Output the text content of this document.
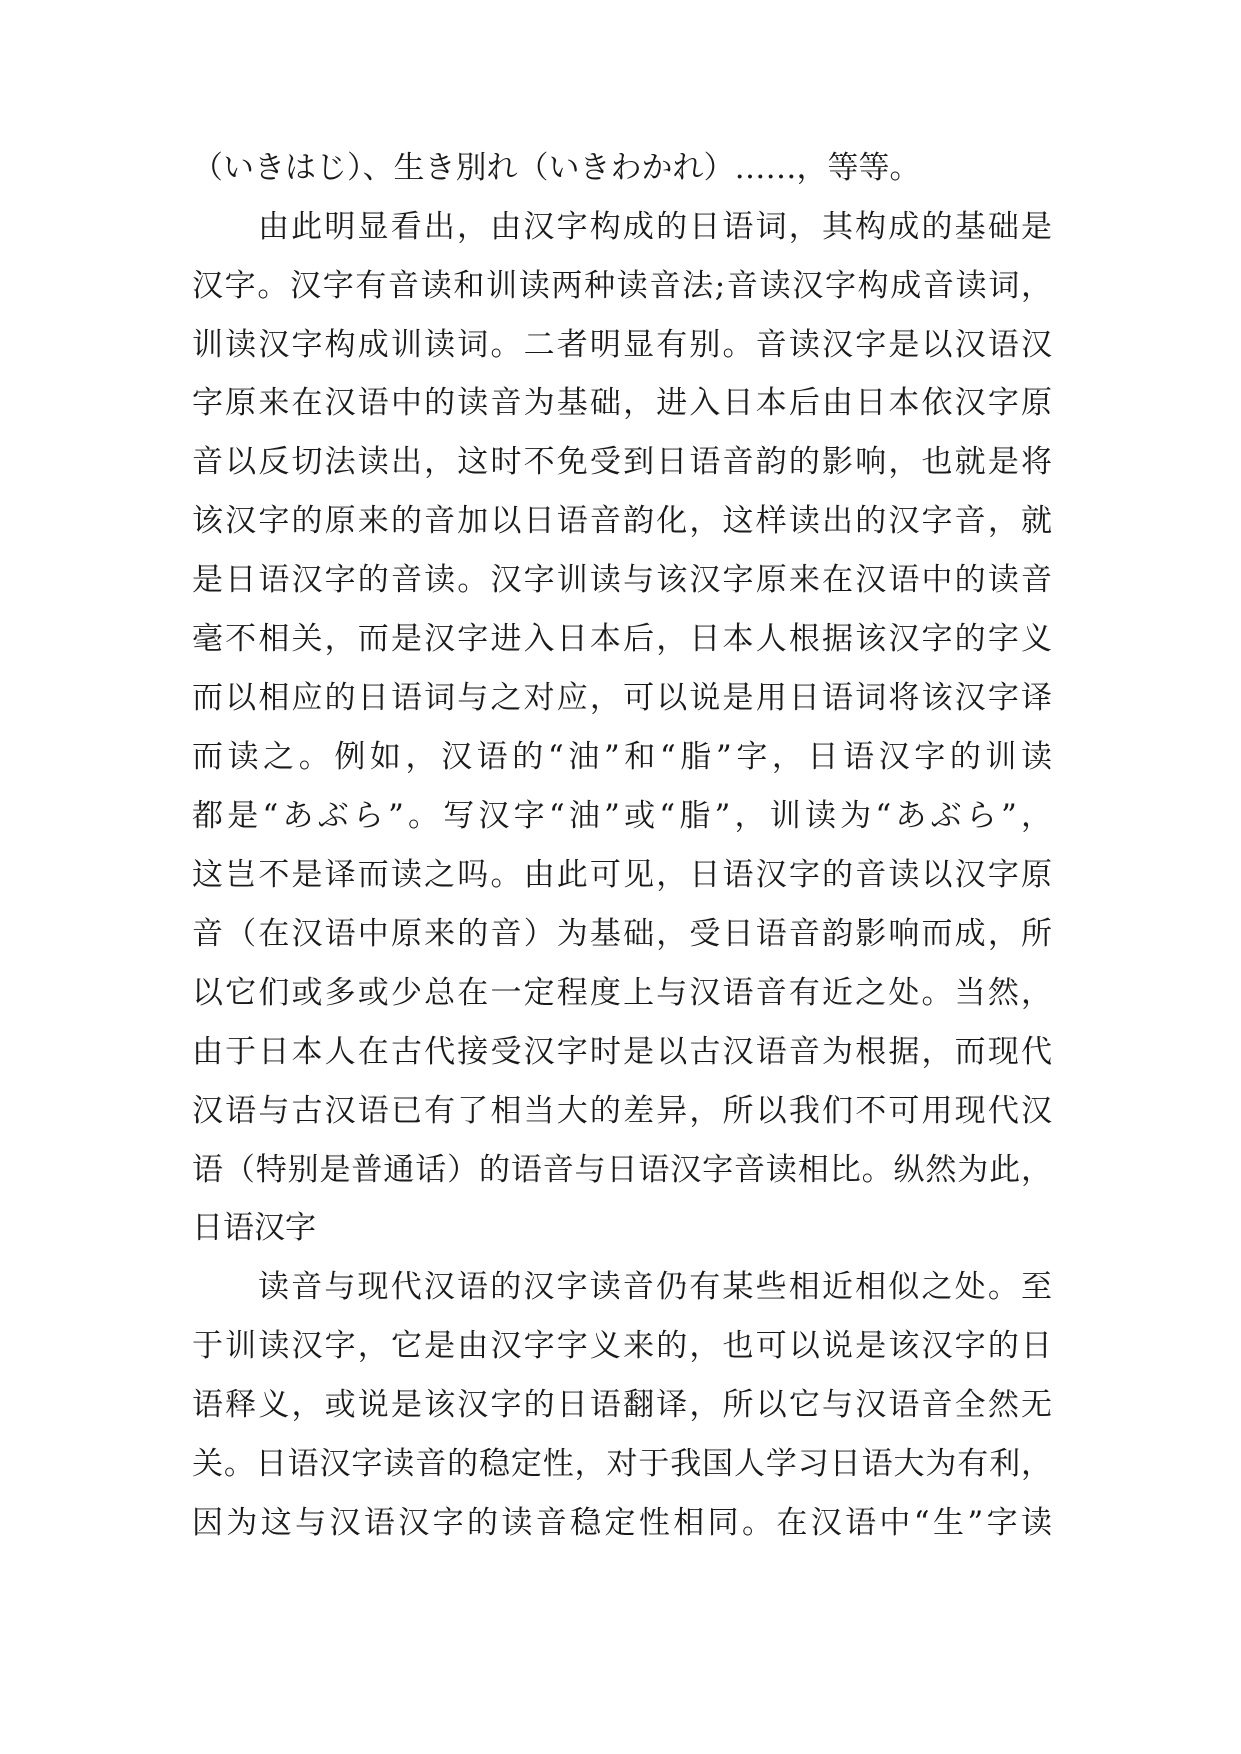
（いきはじ）、生き別れ（いきわかれ）……，等等。
由此明显看出，由汉字构成的日语词，其构成的基础是
汉字。汉字有音读和训读两种读音法;音读汉字构成音读词，
训读汉字构成训读词。二者明显有别。音读汉字是以汉语汉
字原来在汉语中的读音为基础，进入日本后由日本依汉字原
音以反切法读出，这时不免受到日语音韵的影响，也就是将
该汉字的原来的音加以日语音韵化，这样读出的汉字音，就
是日语汉字的音读。汉字训读与该汉字原来在汉语中的读音
毫不相关，而是汉字进入日本后，日本人根据该汉字的字义
而以相应的日语词与之对应，可以说是用日语词将该汉字译
而读之。例如，汉语的“油”和“脂”字，日语汉字的训读
都是“あぶら”。写汉字“油”或“脂”，训读为“あぶら”，
这岂不是译而读之吗。由此可见，日语汉字的音读以汉字原
音（在汉语中原来的音）为基础，受日语音韵影响而成，所
以它们或多或少总在一定程度上与汉语音有近之处。当然，
由于日本人在古代接受汉字时是以古汉语音为根据，而现代
汉语与古汉语已有了相当大的差异，所以我们不可用现代汉
语（特别是普通话）的语音与日语汉字音读相比。纵然为此，
日语汉字
读音与现代汉语的汉字读音仍有某些相近相似之处。至
于训读汉字，它是由汉字字义来的，也可以说是该汉字的日
语释义，或说是该汉字的日语翻译，所以它与汉语音全然无
关。日语汉字读音的稳定性，对于我国人学习日语大为有利，
因为这与汉语汉字的读音稳定性相同。在汉语中“生”字读
